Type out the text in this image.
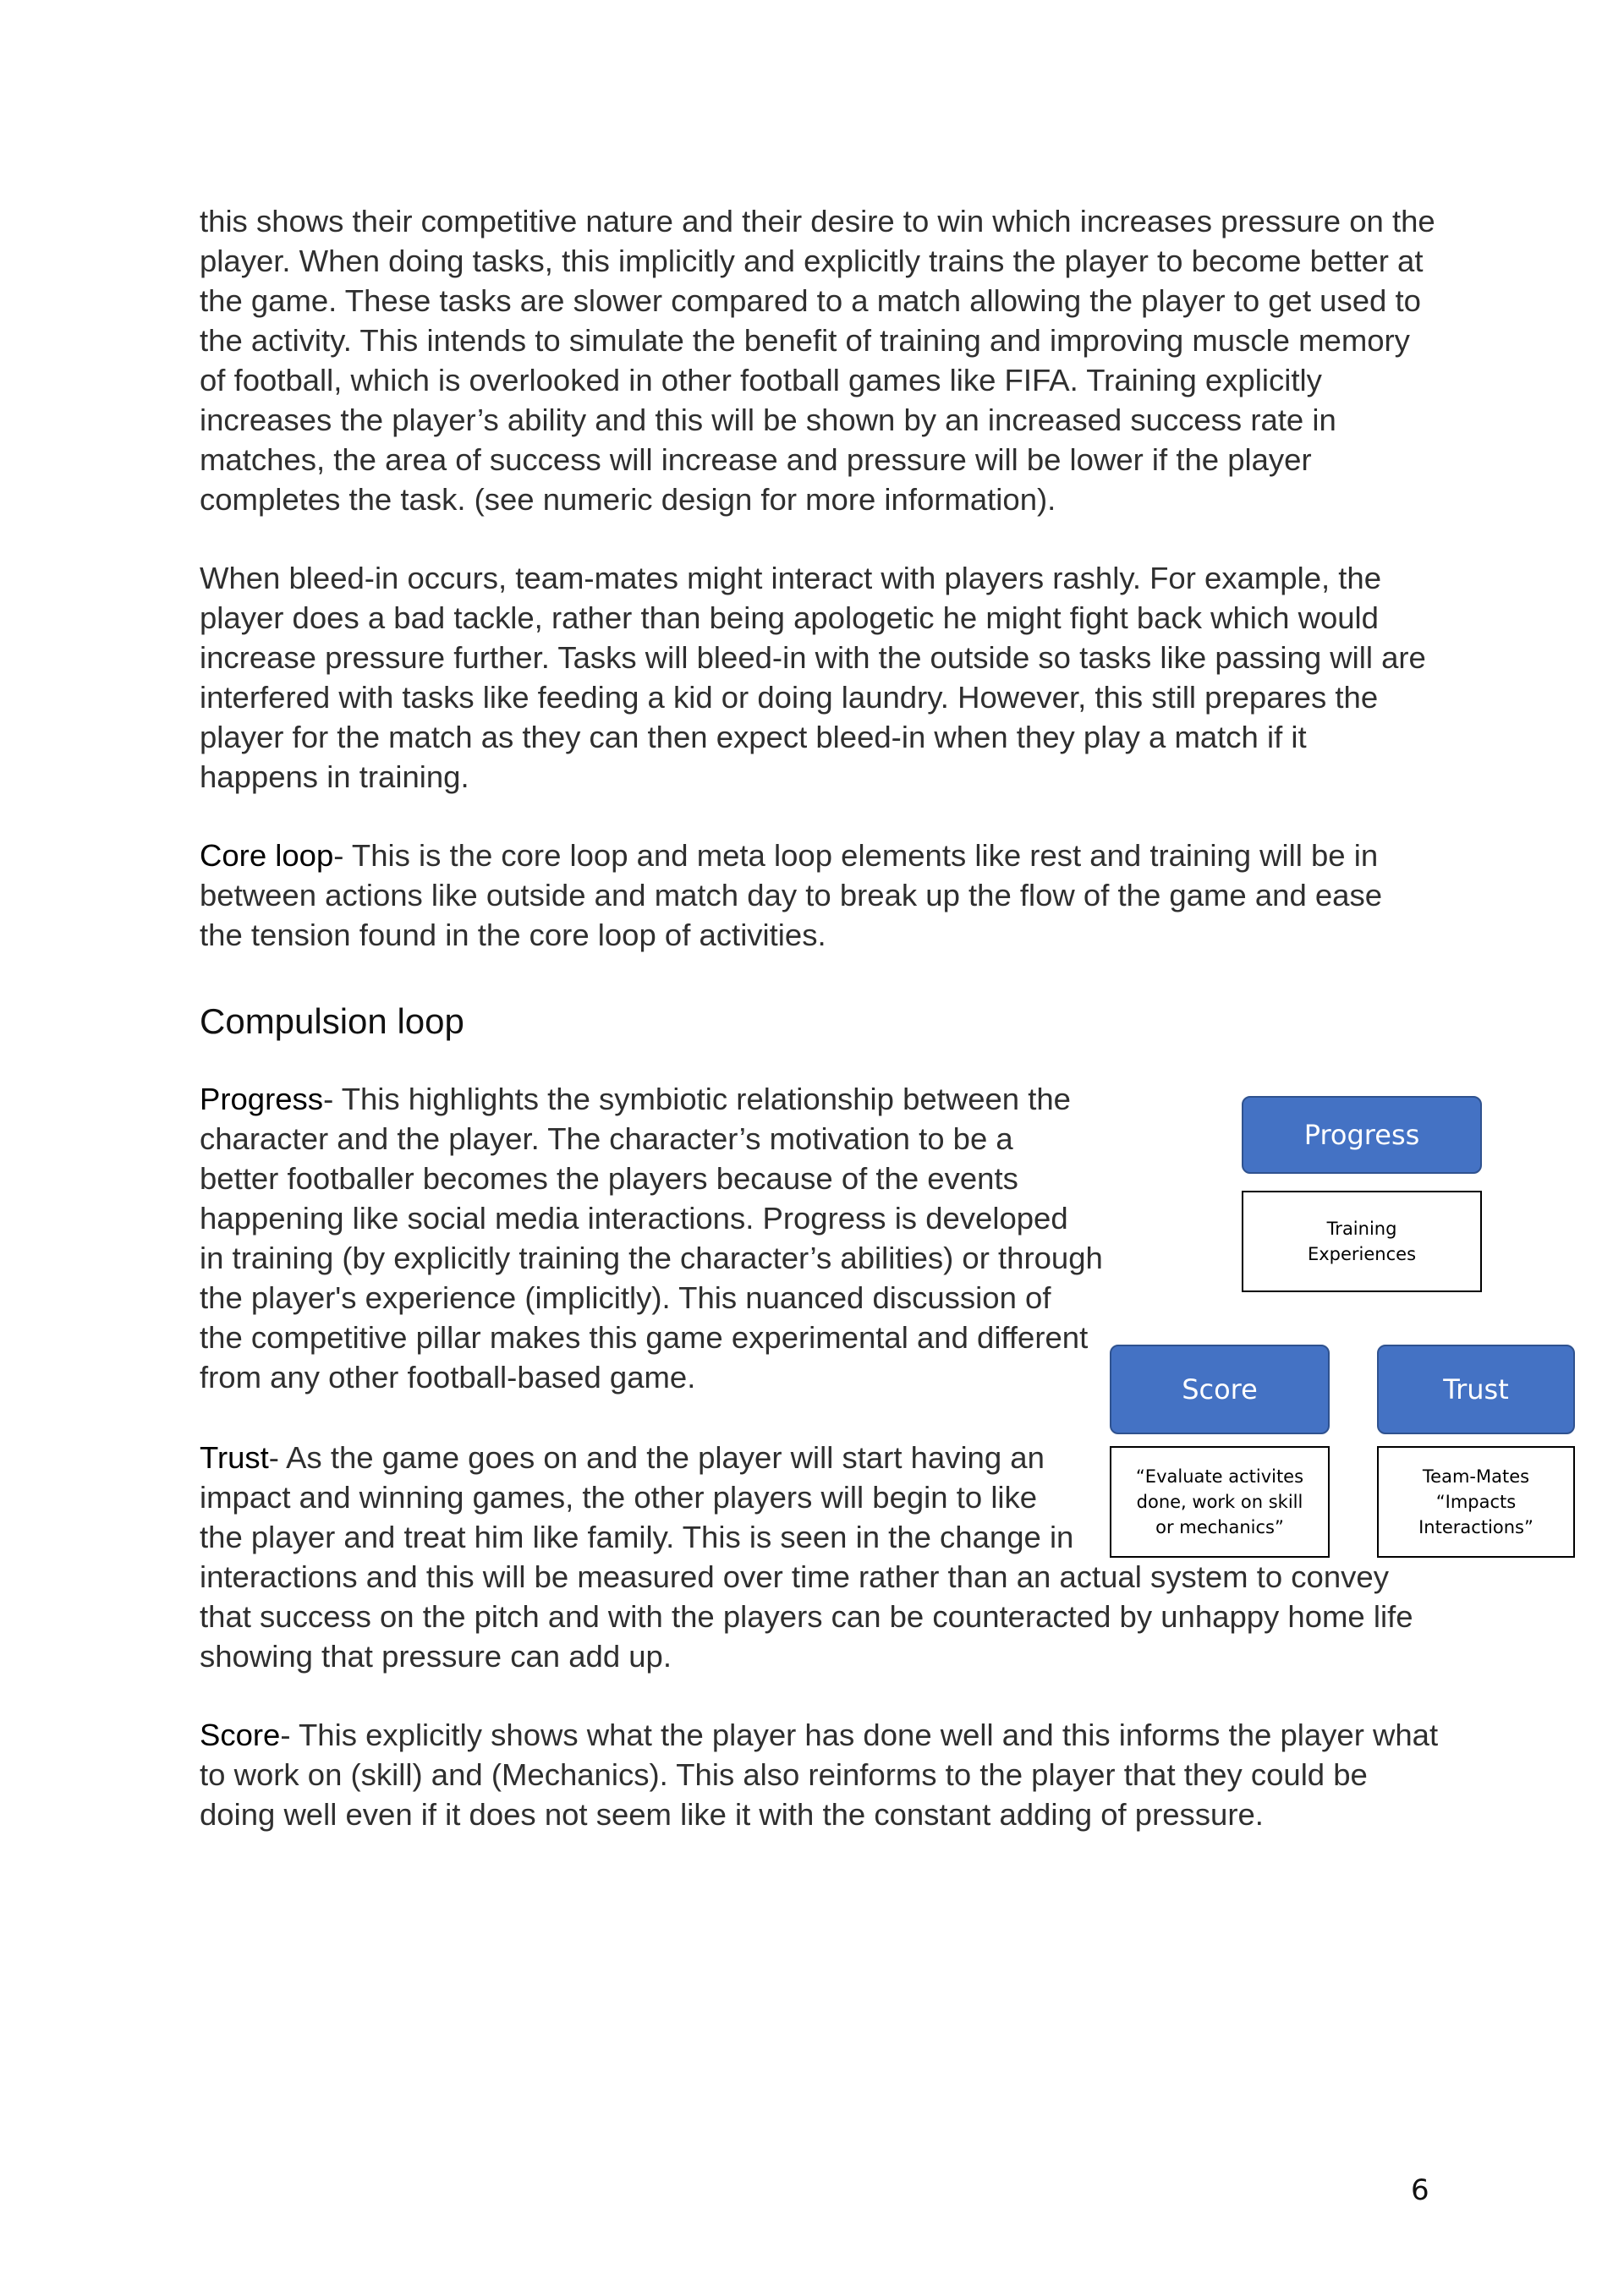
this shows their competitive nature and their desire to win which increases pressure on the
player. When doing tasks, this implicitly and explicitly trains the player to become better at
the game. These tasks are slower compared to a match allowing the player to get used to
the activity. This intends to simulate the benefit of training and improving muscle memory
of football, which is overlooked in other football games like FIFA. Training explicitly
increases the player’s ability and this will be shown by an increased success rate in
matches, the area of success will increase and pressure will be lower if the player
completes the task. (see numeric design for more information).

When bleed-in occurs, team-mates might interact with players rashly. For example, the
player does a bad tackle, rather than being apologetic he might fight back which would
increase pressure further. Tasks will bleed-in with the outside so tasks like passing will are
interfered with tasks like feeding a kid or doing laundry. However, this still prepares the
player for the match as they can then expect bleed-in when they play a match if it
happens in training.

Core loop- This is the core loop and meta loop elements like rest and training will be in
between actions like outside and match day to break up the flow of the game and ease
the tension found in the core loop of activities.

Compulsion loop

Progress- This highlights the symbiotic relationship between the
character and the player. The character’s motivation to be a
better footballer becomes the players because of the events
happening like social media interactions. Progress is developed
in training (by explicitly training the character’s abilities) or through
the player's experience (implicitly). This nuanced discussion of
the competitive pillar makes this game experimental and different
from any other football-based game.

Trust- As the game goes on and the player will start having an
impact and winning games, the other players will begin to like
the player and treat him like family. This is seen in the change in
interactions and this will be measured over time rather than an actual system to convey
that success on the pitch and with the players can be counteracted by unhappy home life
showing that pressure can add up.

Score- This explicitly shows what the player has done well and this informs the player what
to work on (skill) and (Mechanics). This also reinforms to the player that they could be
doing well even if it does not seem like it with the constant adding of pressure.

Progress
Training
Experiences
Score
“Evaluate activites
done, work on skill
or mechanics”
Trust
Team-Mates
“Impacts
Interactions”
6
